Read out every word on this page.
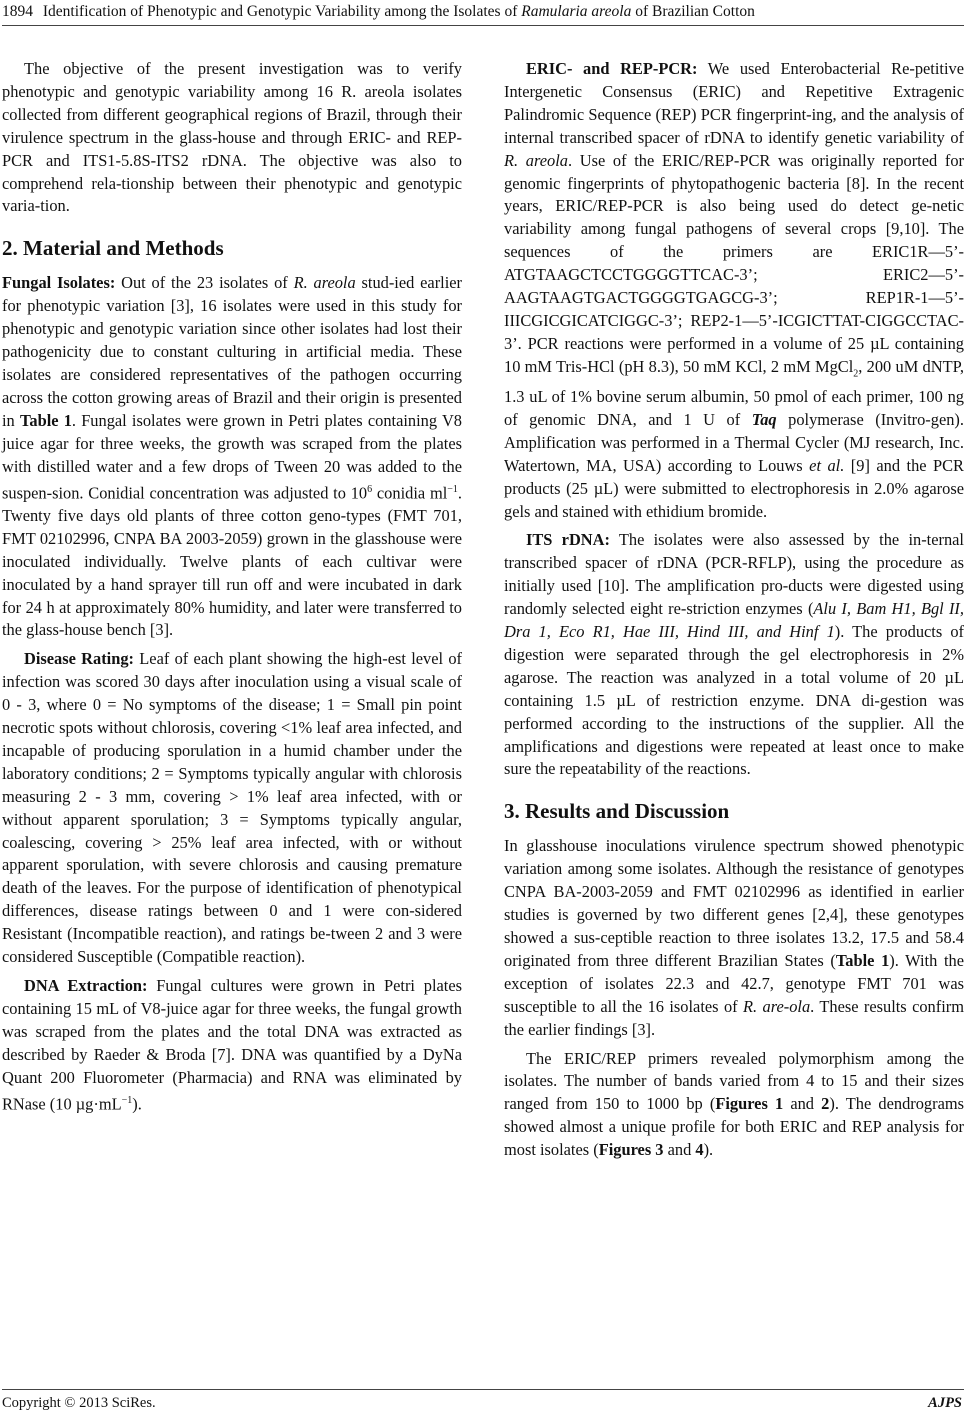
1894 Identification of Phenotypic and Genotypic Variability among the Isolates of Ramularia areola of Brazilian Cotton

The objective of the present investigation was to verify phenotypic and genotypic variability among 16 R. areola isolates collected from different geographical regions of Brazil, through their virulence spectrum in the glass-house and through ERIC- and REP-PCR and ITS1-5.8S-ITS2 rDNA. The objective was also to comprehend rela-tionship between their phenotypic and genotypic varia-tion.

2. Material and Methods

Fungal Isolates: Out of the 23 isolates of R. areola stud-ied earlier for phenotypic variation [3], 16 isolates were used in this study for phenotypic and genotypic variation since other isolates had lost their pathogenicity due to constant culturing in artificial media. These isolates are considered representatives of the pathogen occurring across the cotton growing areas of Brazil and their origin is presented in Table 1. Fungal isolates were grown in Petri plates containing V8 juice agar for three weeks, the growth was scraped from the plates with distilled water and a few drops of Tween 20 was added to the suspen-sion. Conidial concentration was adjusted to $10^6$ conidia $ml^{-1}$. Twenty five days old plants of three cotton geno-types (FMT 701, FMT 02102996, CNPA BA 2003-2059) grown in the glasshouse were inoculated individually. Twelve plants of each cultivar were inoculated by a hand sprayer till run off and were incubated in dark for 24 h at approximately 80% humidity, and later were transferred to the glass-house bench [3].

Disease Rating: Leaf of each plant showing the high-est level of infection was scored 30 days after inoculation using a visual scale of 0 - 3, where 0 = No symptoms of the disease; 1 = Small pin point necrotic spots without chlorosis, covering <1% leaf area infected, and incapable of producing sporulation in a humid chamber under the laboratory conditions; 2 = Symptoms typically angular with chlorosis measuring 2 - 3 mm, covering > 1% leaf area infected, with or without apparent sporulation; 3 = Symptoms typically angular, coalescing, covering > 25% leaf area infected, with or without apparent sporulation, with severe chlorosis and causing premature death of the leaves. For the purpose of identification of phenotypical differences, disease ratings between 0 and 1 were con-sidered Resistant (Incompatible reaction), and ratings be-tween 2 and 3 were considered Susceptible (Compatible reaction).

DNA Extraction: Fungal cultures were grown in Petri plates containing 15 mL of V8-juice agar for three weeks, the fungal growth was scraped from the plates and the total DNA was extracted as described by Raeder & Broda [7]. DNA was quantified by a DyNa Quant 200 Fluorometer (Pharmacia) and RNA was eliminated by RNase (10 $\mu g\cdot mL^{-1}$).

ERIC- and REP-PCR: We used Enterobacterial Re-petitive Intergenetic Consensus (ERIC) and Repetitive Extragenic Palindromic Sequence (REP) PCR fingerprint-ing, and the analysis of internal transcribed spacer of rDNA to identify genetic variability of R. areola. Use of the ERIC/REP-PCR was originally reported for genomic fingerprints of phytopathogenic bacteria [8]. In the recent years, ERIC/REP-PCR is also being used do detect ge-netic variability among fungal pathogens of several crops [9,10]. The sequences of the primers are ERIC1R—5’-ATGTAAGCTCCTGGGGTTCAC-3’; ERIC2—5’-AAGTAAGTGACTGGGGTGAGCG-3’; REP1R-1—5’-IIICGICGICATCIGGC-3’; REP2-1—5’-ICGICTTAT-CIGGCCTAC-3’. PCR reactions were performed in a volume of 25 µL containing 10 mM Tris-HCl (pH 8.3), 50 mM KCl, 2 mM MgCl$_2$, 200 uM dNTP, 1.3 uL of 1% bovine serum albumin, 50 pmol of each primer, 100 ng of genomic DNA, and 1 U of Taq polymerase (Invitro-gen). Amplification was performed in a Thermal Cycler (MJ research, Inc. Watertown, MA, USA) according to Louws et al. [9] and the PCR products (25 µL) were submitted to electrophoresis in 2.0% agarose gels and stained with ethidium bromide.

ITS rDNA: The isolates were also assessed by the in-ternal transcribed spacer of rDNA (PCR-RFLP), using the procedure as initially used [10]. The amplification pro-ducts were digested using randomly selected eight re-striction enzymes (Alu I, Bam H1, Bgl II, Dra 1, Eco R1, Hae III, Hind III, and Hinf 1). The products of digestion were separated through the gel electrophoresis in 2% agarose. The reaction was analyzed in a total volume of 20 µL containing 1.5 µL of restriction enzyme. DNA di-gestion was performed according to the instructions of the supplier. All the amplifications and digestions were repeated at least once to make sure the repeatability of the reactions.

3. Results and Discussion

In glasshouse inoculations virulence spectrum showed phenotypic variation among some isolates. Although the resistance of genotypes CNPA BA-2003-2059 and FMT 02102996 as identified in earlier studies is governed by two different genes [2,4], these genotypes showed a sus-ceptible reaction to three isolates 13.2, 17.5 and 58.4 originated from three different Brazilian States (Table 1). With the exception of isolates 22.3 and 42.7, genotype FMT 701 was susceptible to all the 16 isolates of R. are-ola. These results confirm the earlier findings [3].

The ERIC/REP primers revealed polymorphism among the isolates. The number of bands varied from 4 to 15 and their sizes ranged from 150 to 1000 bp (Figures 1 and 2). The dendrograms showed almost a unique profile for both ERIC and REP analysis for most isolates (Figures 3 and 4).

Copyright © 2013 SciRes.	AJPS
